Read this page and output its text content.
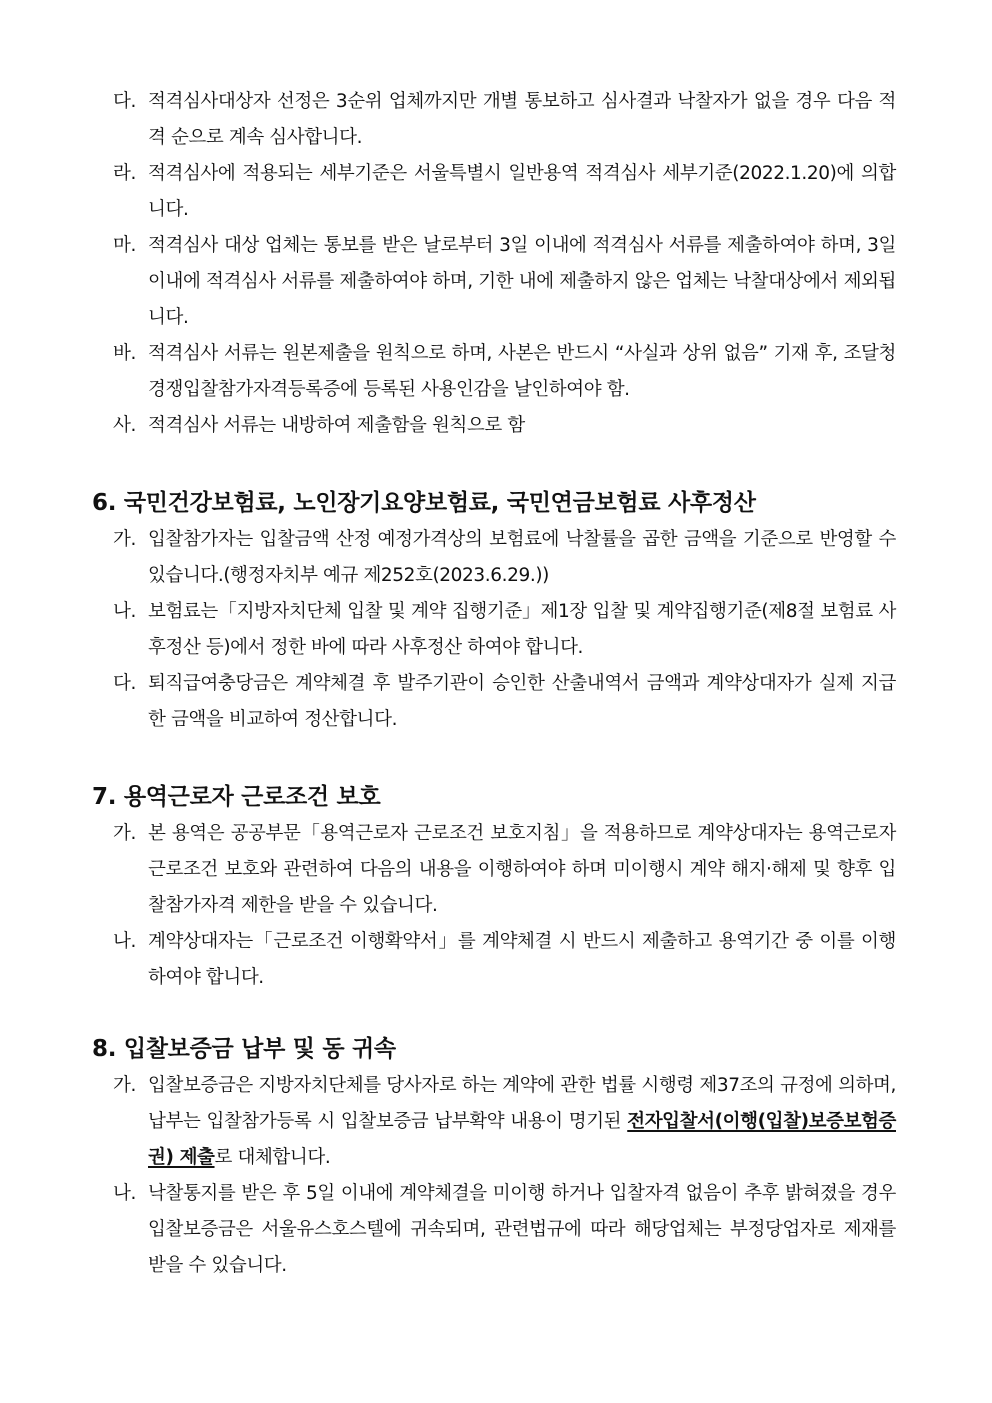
다. 적격심사대상자 선정은 3순위 업체까지만 개별 통보하고 심사결과 낙찰자가 없을 경우 다음 적격 순으로 계속 심사합니다.
라. 적격심사에 적용되는 세부기준은 서울특별시 일반용역 적격심사 세부기준(2022.1.20)에 의합니다.
마. 적격심사 대상 업체는 통보를 받은 날로부터 3일 이내에 적격심사 서류를 제출하여야 하며, 3일 이내에 적격심사 서류를 제출하여야 하며, 기한 내에 제출하지 않은 업체는 낙찰대상에서 제외됩니다.
바. 적격심사 서류는 원본제출을 원칙으로 하며, 사본은 반드시 “사실과 상위 없음” 기재 후, 조달청 경쟁입찰참가자격등록증에 등록된 사용인감을 날인하여야 함.
사. 적격심사 서류는 내방하여 제출함을 원칙으로 함
6. 국민건강보험료, 노인장기요양보험료, 국민연금보험료 사후정산
가. 입찰참가자는 입찰금액 산정 예정가격상의 보험료에 낙찰률을 곱한 금액을 기준으로 반영할 수 있습니다.(행정자치부 예규 제252호(2023.6.29.))
나. 보험료는「지방자치단체 입찰 및 계약 집행기준」제1장 입찰 및 계약집행기준(제8절 보험료 사후정산 등)에서 정한 바에 따라 사후정산 하여야 합니다.
다. 퇴직급여충당금은 계약체결 후 발주기관이 승인한 산출내역서 금액과 계약상대자가 실제 지급한 금액을 비교하여 정산합니다.
7. 용역근로자 근로조건 보호
가. 본 용역은 공공부문「용역근로자 근로조건 보호지침」을 적용하므로 계약상대자는 용역근로자 근로조건 보호와 관련하여 다음의 내용을 이행하여야 하며 미이행시 계약 해지·해제 및 향후 입찰참가자격 제한을 받을 수 있습니다.
나. 계약상대자는「근로조건 이행확약서」를 계약체결 시 반드시 제출하고 용역기간 중 이를 이행하여야 합니다.
8. 입찰보증금 납부 및 동 귀속
가. 입찰보증금은 지방자치단체를 당사자로 하는 계약에 관한 법률 시행령 제37조의 규정에 의하며, 납부는 입찰참가등록 시 입찰보증금 납부확약 내용이 명기된 전자입찰서(이행(입찰)보증보험증권) 제출로 대체합니다.
나. 낙찰통지를 받은 후 5일 이내에 계약체결을 미이행 하거나 입찰자격 없음이 추후 밝혀졌을 경우 입찰보증금은 서울유스호스텔에 귀속되며, 관련법규에 따라 해당업체는 부정당업자로 제재를 받을 수 있습니다.
